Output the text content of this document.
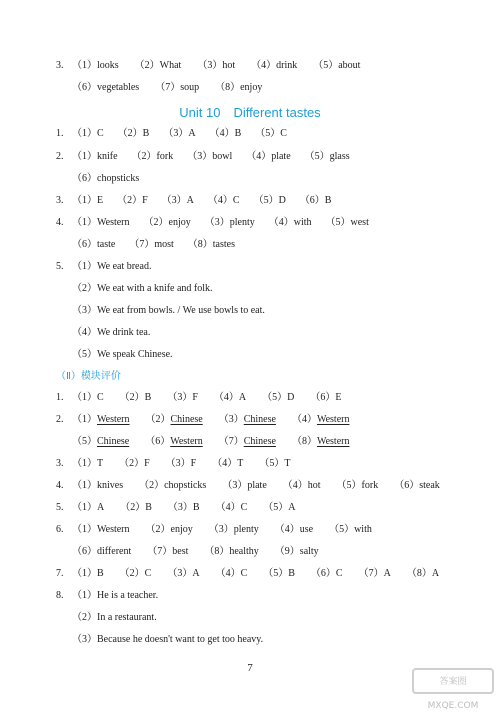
3. （1）looks （2）What （3）hot （4）drink （5）about
（6）vegetables （7）soup （8）enjoy
Unit 10　Different tastes
1. （1）C （2）B （3）A （4）B （5）C
2. （1）knife （2）fork （3）bowl （4）plate （5）glass
（6）chopsticks
3. （1）E （2）F （3）A （4）C （5）D （6）B
4. （1）Western （2）enjoy （3）plenty （4）with （5）west
（6）taste （7）most （8）tastes
5. （1）We eat bread.
（2）We eat with a knife and folk.
（3）We eat from bowls. / We use bowls to eat.
（4）We drink tea.
（5）We speak Chinese.
（Ⅱ）模块评价
1. （1）C （2）B （3）F （4）A （5）D （6）E
2. （1）Western （2）Chinese （3）Chinese （4）Western
（5）Chinese （6）Western （7）Chinese （8）Western
3. （1）T （2）F （3）F （4）T （5）T
4. （1）knives （2）chopsticks （3）plate （4）hot （5）fork （6）steak
5. （1）A （2）B （3）B （4）C （5）A
6. （1）Western （2）enjoy （3）plenty （4）use （5）with
（6）different （7）best （8）healthy （9）salty
7. （1）B （2）C （3）A （4）C （5）B （6）C （7）A （8）A
8. （1）He is a teacher.
（2）In a restaurant.
（3）Because he doesn't want to get too heavy.
7
答案圈 MXQE.COM
